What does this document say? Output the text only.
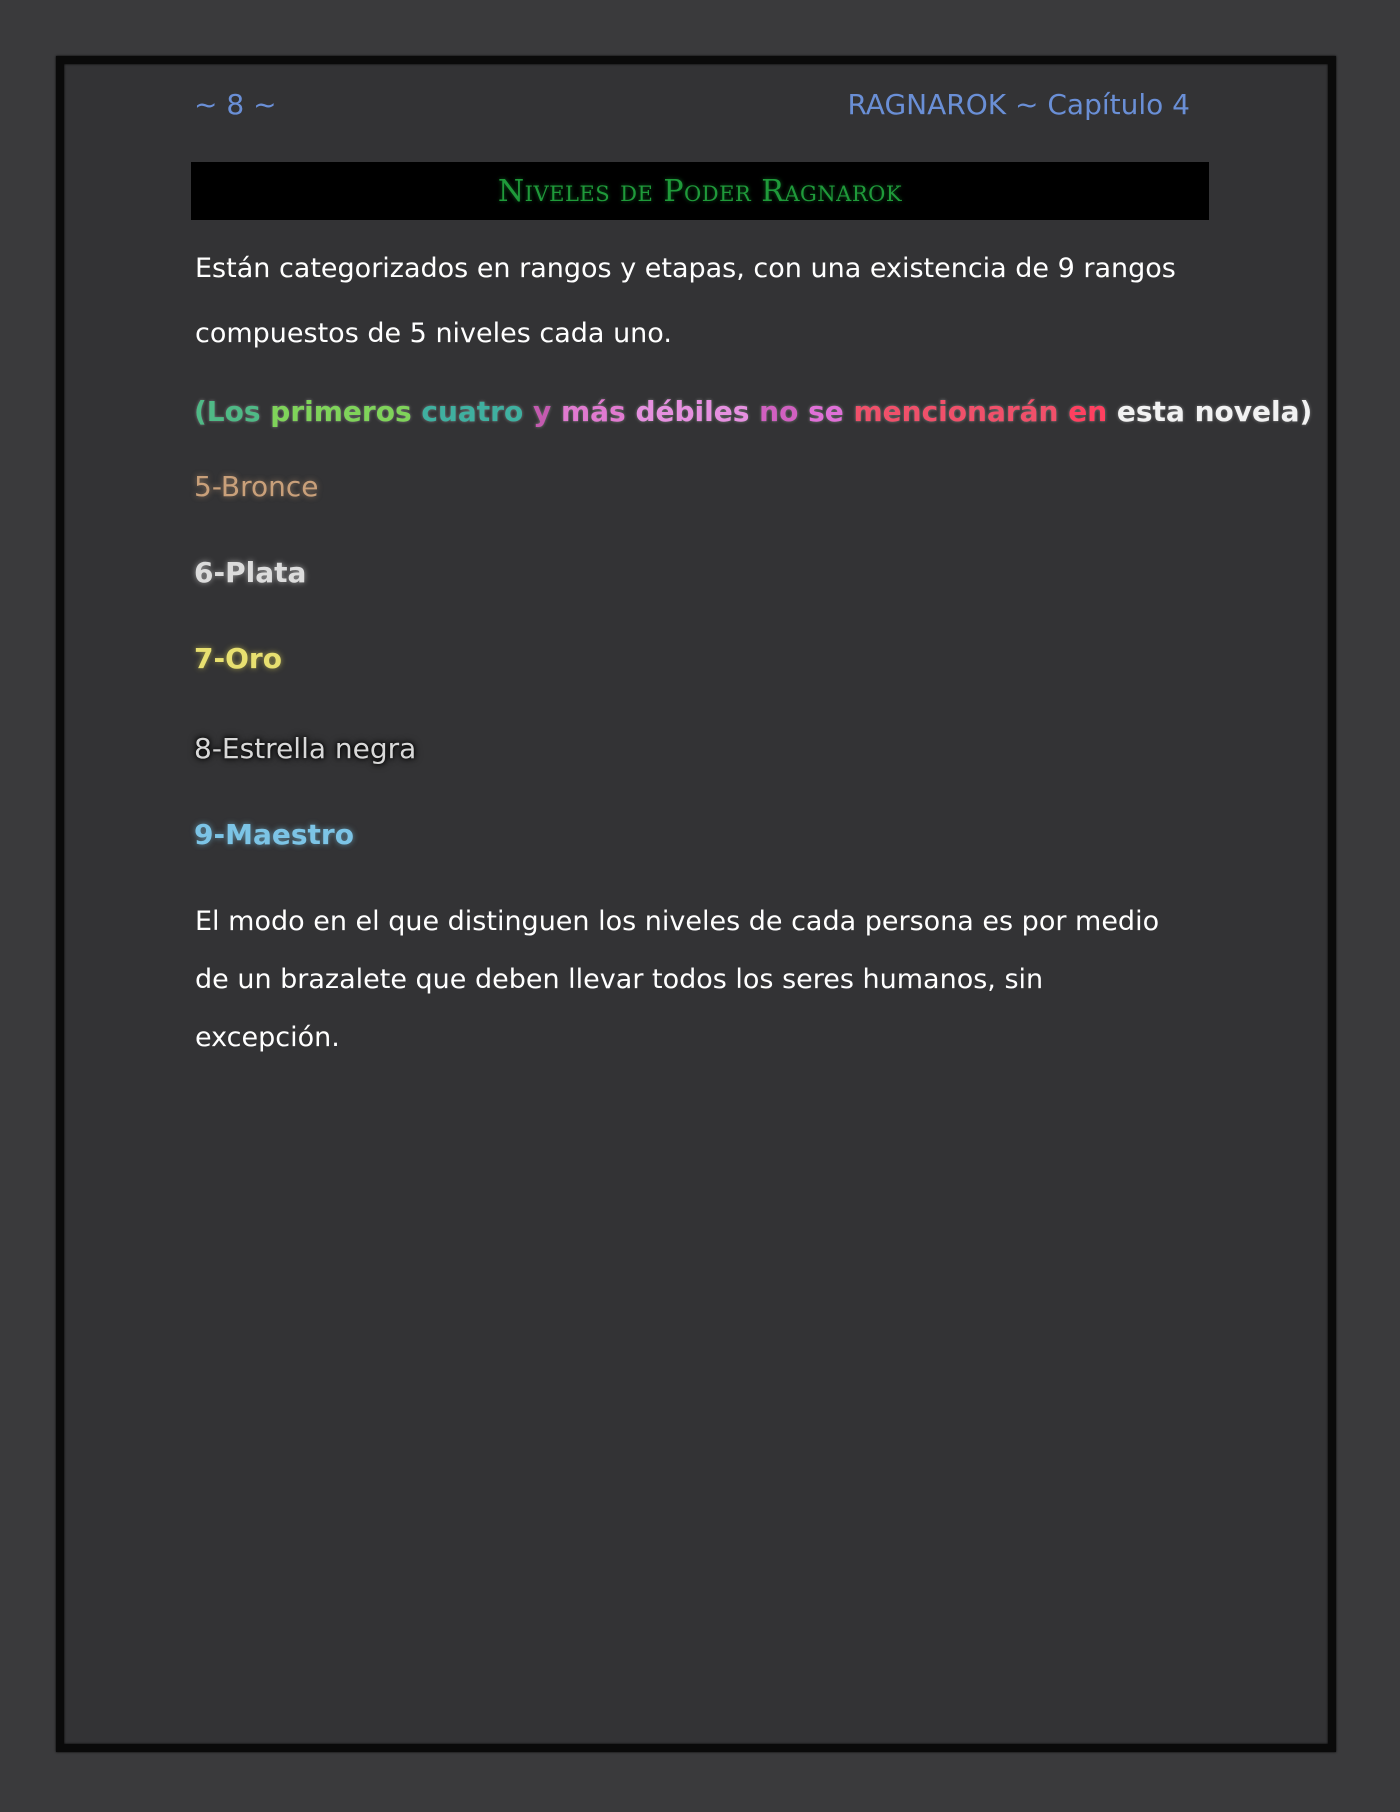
~ 8 ~	RAGNAROK ~ Capítulo 4
Niveles de Poder Ragnarok
Están categorizados en rangos y etapas, con una existencia de 9 rangos compuestos de 5 niveles cada uno.
(Los primeros cuatro y más débiles no se mencionarán en esta novela)
5-Bronce
6-Plata
7-Oro
8-Estrella negra
9-Maestro
El modo en el que distinguen los niveles de cada persona es por medio de un brazalete que deben llevar todos los seres humanos, sin excepción.
